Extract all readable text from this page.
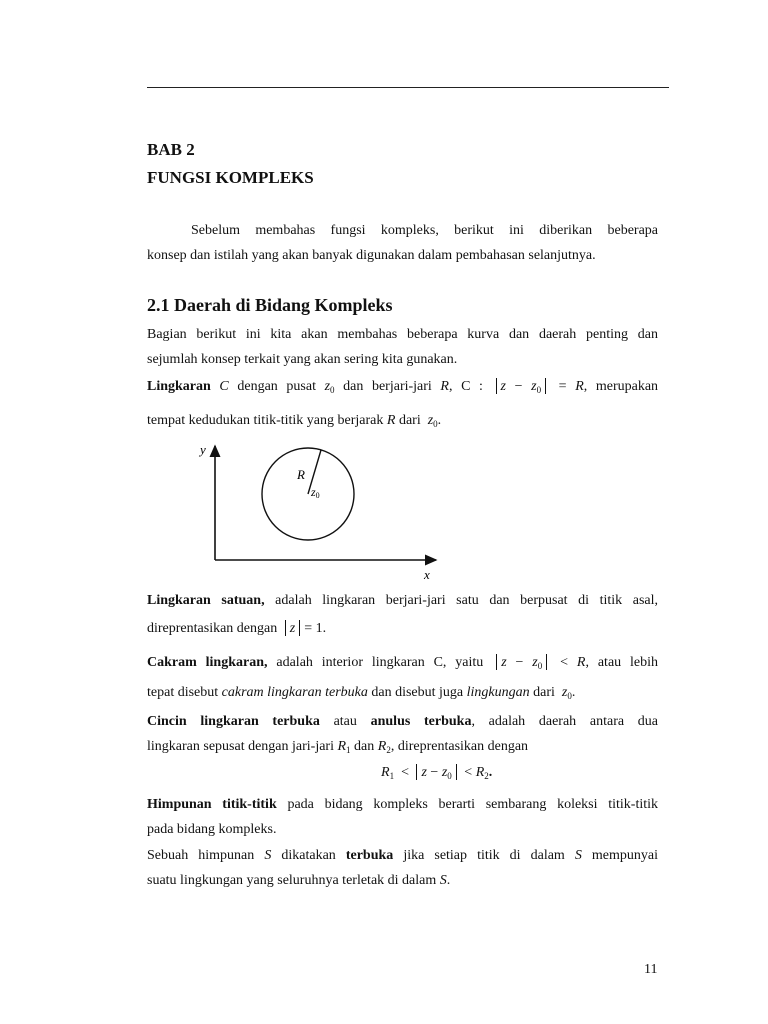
BAB 2
FUNGSI KOMPLEKS
Sebelum membahas fungsi kompleks, berikut ini diberikan beberapa
konsep dan istilah yang akan banyak digunakan dalam pembahasan selanjutnya.
2.1 Daerah di Bidang Kompleks
Bagian berikut ini kita akan membahas beberapa kurva dan daerah penting dan
sejumlah konsep terkait yang akan sering kita gunakan.
Lingkaran C dengan pusat $z_0$ dan berjari-jari R, C : $z - z_0 = R$, merupakan
tempat kedudukan titik-titik yang berjarak R dari $z_0$.
y
x
R
z0
Lingkaran satuan, adalah lingkaran berjari-jari satu dan berpusat di titik asal,
direprentasikan dengan z = 1.
Cakram lingkaran, adalah interior lingkaran C, yaitu $z - z_0 < R$, atau lebih
tepat disebut cakram lingkaran terbuka dan disebut juga lingkungan dari $z_0$.
Cincin lingkaran terbuka atau anulus terbuka, adalah daerah antara dua
lingkaran sepusat dengan jari-jari $R_1$ dan $R_2$, direprentasikan dengan
$R_1 < z - z_0 < R_2$.
Himpunan titik-titik pada bidang kompleks berarti sembarang koleksi titik-titik
pada bidang kompleks.
Sebuah himpunan S dikatakan terbuka jika setiap titik di dalam S mempunyai
suatu lingkungan yang seluruhnya terletak di dalam S.
11
